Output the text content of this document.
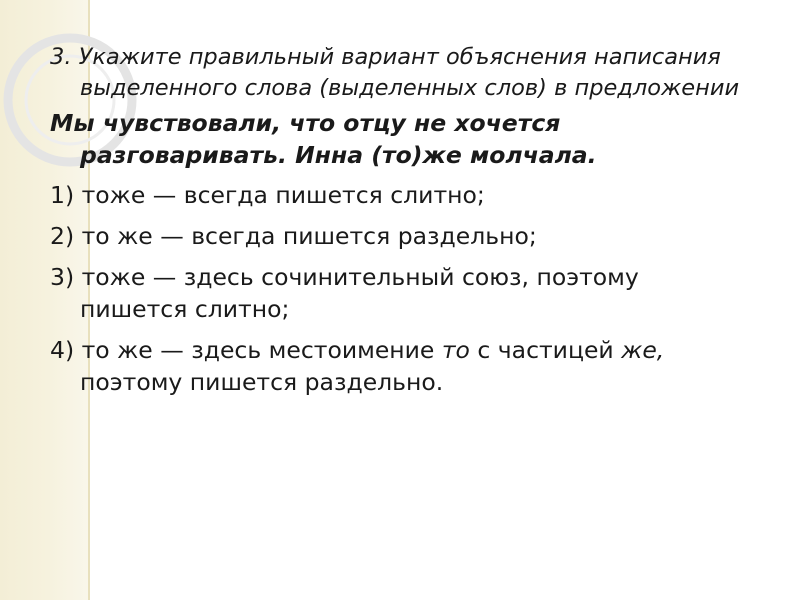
3. Укажите правильный вариант объяснения написания выделенного слова (выделенных слов) в предложении

Мы чувствовали, что отцу не хочется разговаривать. Инна (то)же молчала.

1) тоже — всегда пишется слитно;

2) то же — всегда пишется раздельно;

3) тоже — здесь сочинительный союз, поэтому пишется слитно;

4) то же — здесь местоимение то с частицей же, поэтому пишется раздельно.
